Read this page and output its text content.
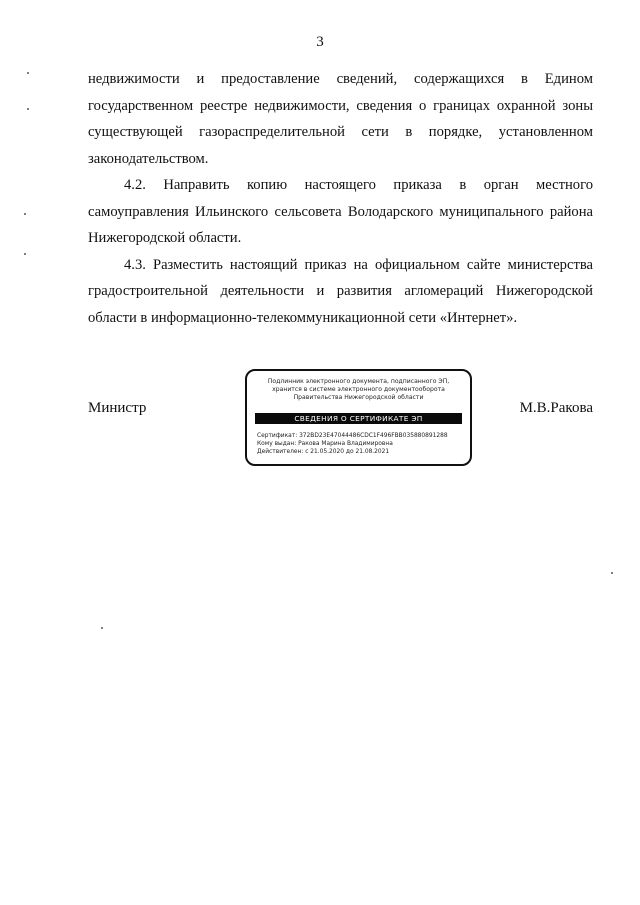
3

недвижимости и предоставление сведений, содержащихся в Едином государственном реестре недвижимости, сведения о границах охранной зоны существующей газораспределительной сети в порядке, установленном законодательством.

4.2. Направить копию настоящего приказа в орган местного самоуправления Ильинского сельсовета Володарского муниципального района Нижегородской области.

4.3. Разместить настоящий приказ на официальном сайте министерства градостроительной деятельности и развития агломераций Нижегородской области в информационно-телекоммуникационной сети «Интернет».

Министр	М.В.Ракова
Подлинник электронного документа, подписанного ЭП,
хранится в системе электронного документооборота
Правительства Нижегородской области
СВЕДЕНИЯ О СЕРТИФИКАТЕ ЭП
Сертификат: 372BD23E47044486CDC1F496FBB035880891288
Кому выдан: Ракова Марина Владимировна
Действителен: с 21.05.2020 до 21.08.2021
